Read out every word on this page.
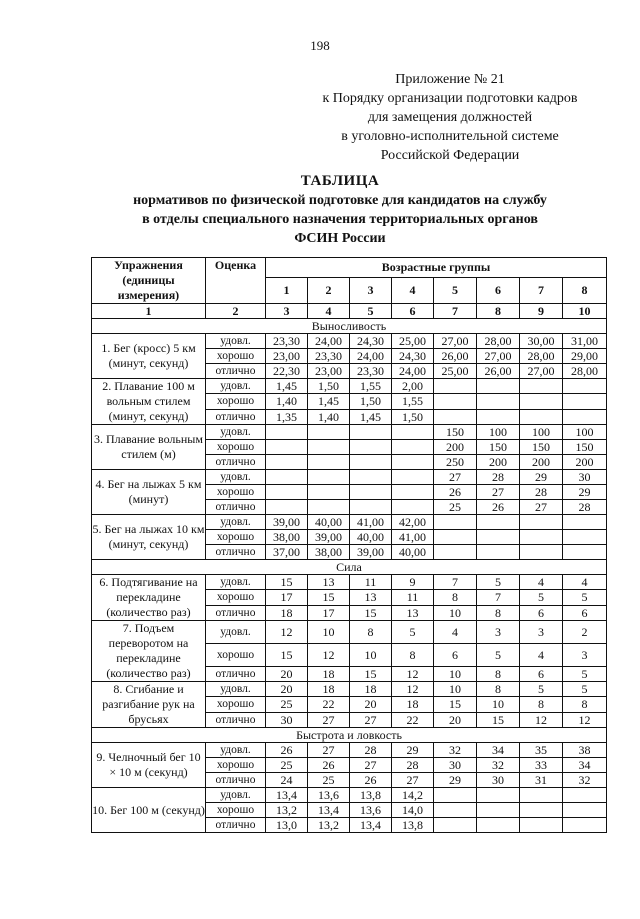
198
Приложение № 21
к Порядку организации подготовки кадров
для замещения должностей
в уголовно-исполнительной системе
Российской Федерации
ТАБЛИЦА
нормативов по физической подготовке для кандидатов на службу
в отделы специального назначения территориальных органов
ФСИН России
Упражнения (единицы измерения)	Оценка	Возрастные группы							
		1	2	3	4	5	6	7	8
1	2	3	4	5	6	7	8	9	10
Выносливость									
1. Бег (кросс) 5 км (минут, секунд)	удовл.	23,30	24,00	24,30	25,00	27,00	28,00	30,00	31,00
	хорошо	23,00	23,30	24,00	24,30	26,00	27,00	28,00	29,00
	отлично	22,30	23,00	23,30	24,00	25,00	26,00	27,00	28,00
2. Плавание 100 м вольным стилем (минут, секунд)	удовл.	1,45	1,50	1,55	2,00				
	хорошо	1,40	1,45	1,50	1,55				
	отлично	1,35	1,40	1,45	1,50				
3. Плавание вольным стилем (м)	удовл.					150	100	100	100
	хорошо					200	150	150	150
	отлично					250	200	200	200
4. Бег на лыжах 5 км (минут)	удовл.					27	28	29	30
	хорошо					26	27	28	29
	отлично					25	26	27	28
5. Бег на лыжах 10 км (минут, секунд)	удовл.	39,00	40,00	41,00	42,00				
	хорошо	38,00	39,00	40,00	41,00				
	отлично	37,00	38,00	39,00	40,00				
Сила									
6. Подтягивание на перекладине (количество раз)	удовл.	15	13	11	9	7	5	4	4
	хорошо	17	15	13	11	8	7	5	5
	отлично	18	17	15	13	10	8	6	6
7. Подъем переворотом на перекладине (количество раз)	удовл.	12	10	8	5	4	3	3	2
	хорошо	15	12	10	8	6	5	4	3
	отлично	20	18	15	12	10	8	6	5
8. Сгибание и разгибание рук на брусьях	удовл.	20	18	18	12	10	8	5	5
	хорошо	25	22	20	18	15	10	8	8
	отлично	30	27	27	22	20	15	12	12
Быстрота и ловкость									
9. Челночный бег 10 × 10 м (секунд)	удовл.	26	27	28	29	32	34	35	38
	хорошо	25	26	27	28	30	32	33	34
	отлично	24	25	26	27	29	30	31	32
10. Бег 100 м (секунд)	удовл.	13,4	13,6	13,8	14,2				
	хорошо	13,2	13,4	13,6	14,0				
	отлично	13,0	13,2	13,4	13,8				
